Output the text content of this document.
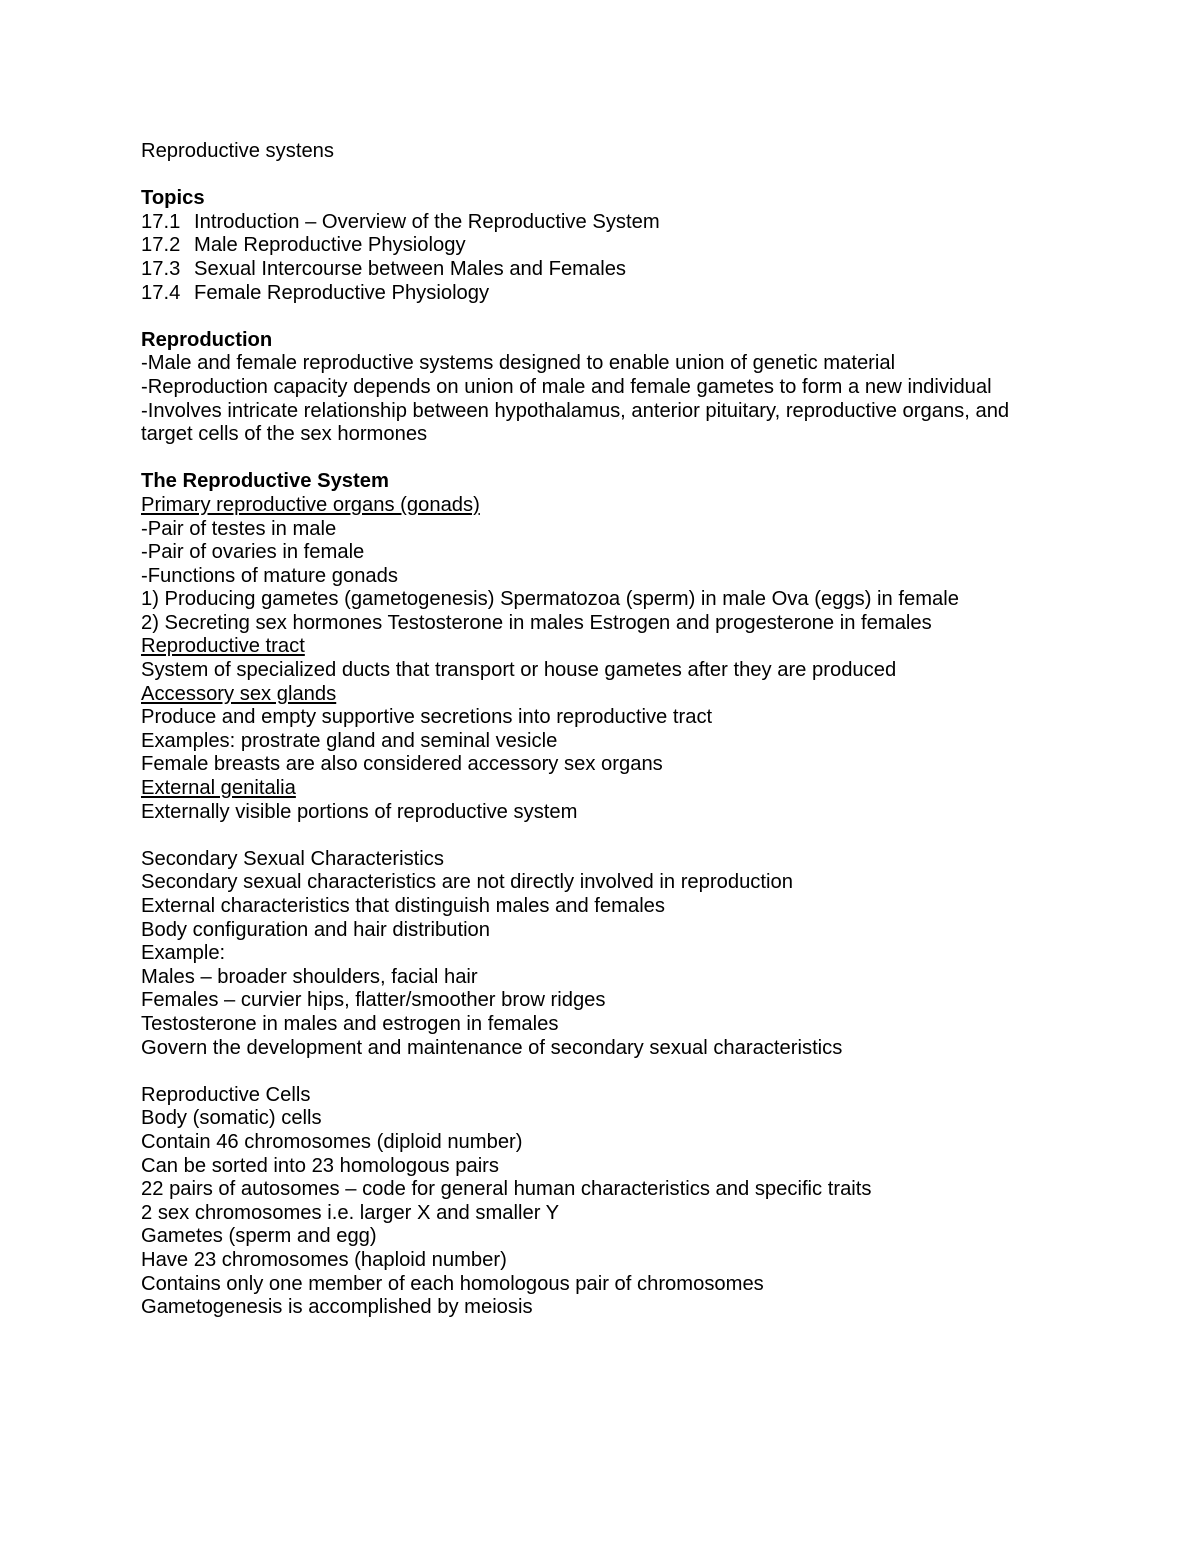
Reproductive systens
Topics
17.1 Introduction – Overview of the Reproductive System
17.2 Male Reproductive Physiology
17.3 Sexual Intercourse between Males and Females
17.4 Female Reproductive Physiology
Reproduction
-Male and female reproductive systems designed to enable union of genetic material
-Reproduction capacity depends on union of male and female gametes to form a new individual
-Involves intricate relationship between hypothalamus, anterior pituitary, reproductive organs, and target cells of the sex hormones
The Reproductive System
Primary reproductive organs (gonads)
-Pair of testes in male
-Pair of ovaries in female
-Functions of mature gonads
1) Producing gametes (gametogenesis) Spermatozoa (sperm) in male Ova (eggs) in female
2) Secreting sex hormones Testosterone in males Estrogen and progesterone in females
Reproductive tract
System of specialized ducts that transport or house gametes after they are produced
Accessory sex glands
Produce and empty supportive secretions into reproductive tract
Examples: prostrate gland and seminal vesicle
Female breasts are also considered accessory sex organs
External genitalia
Externally visible portions of reproductive system
Secondary Sexual Characteristics
Secondary sexual characteristics are not directly involved in reproduction
External characteristics that distinguish males and females
Body configuration and hair distribution
Example:
Males – broader shoulders, facial hair
Females – curvier hips, flatter/smoother brow ridges
Testosterone in males and estrogen in females
Govern the development and maintenance of secondary sexual characteristics
Reproductive Cells
Body (somatic) cells
Contain 46 chromosomes (diploid number)
Can be sorted into 23 homologous pairs
22 pairs of autosomes – code for general human characteristics and specific traits
2 sex chromosomes i.e. larger X and smaller Y
Gametes (sperm and egg)
Have 23 chromosomes (haploid number)
Contains only one member of each homologous pair of chromosomes
Gametogenesis is accomplished by meiosis
